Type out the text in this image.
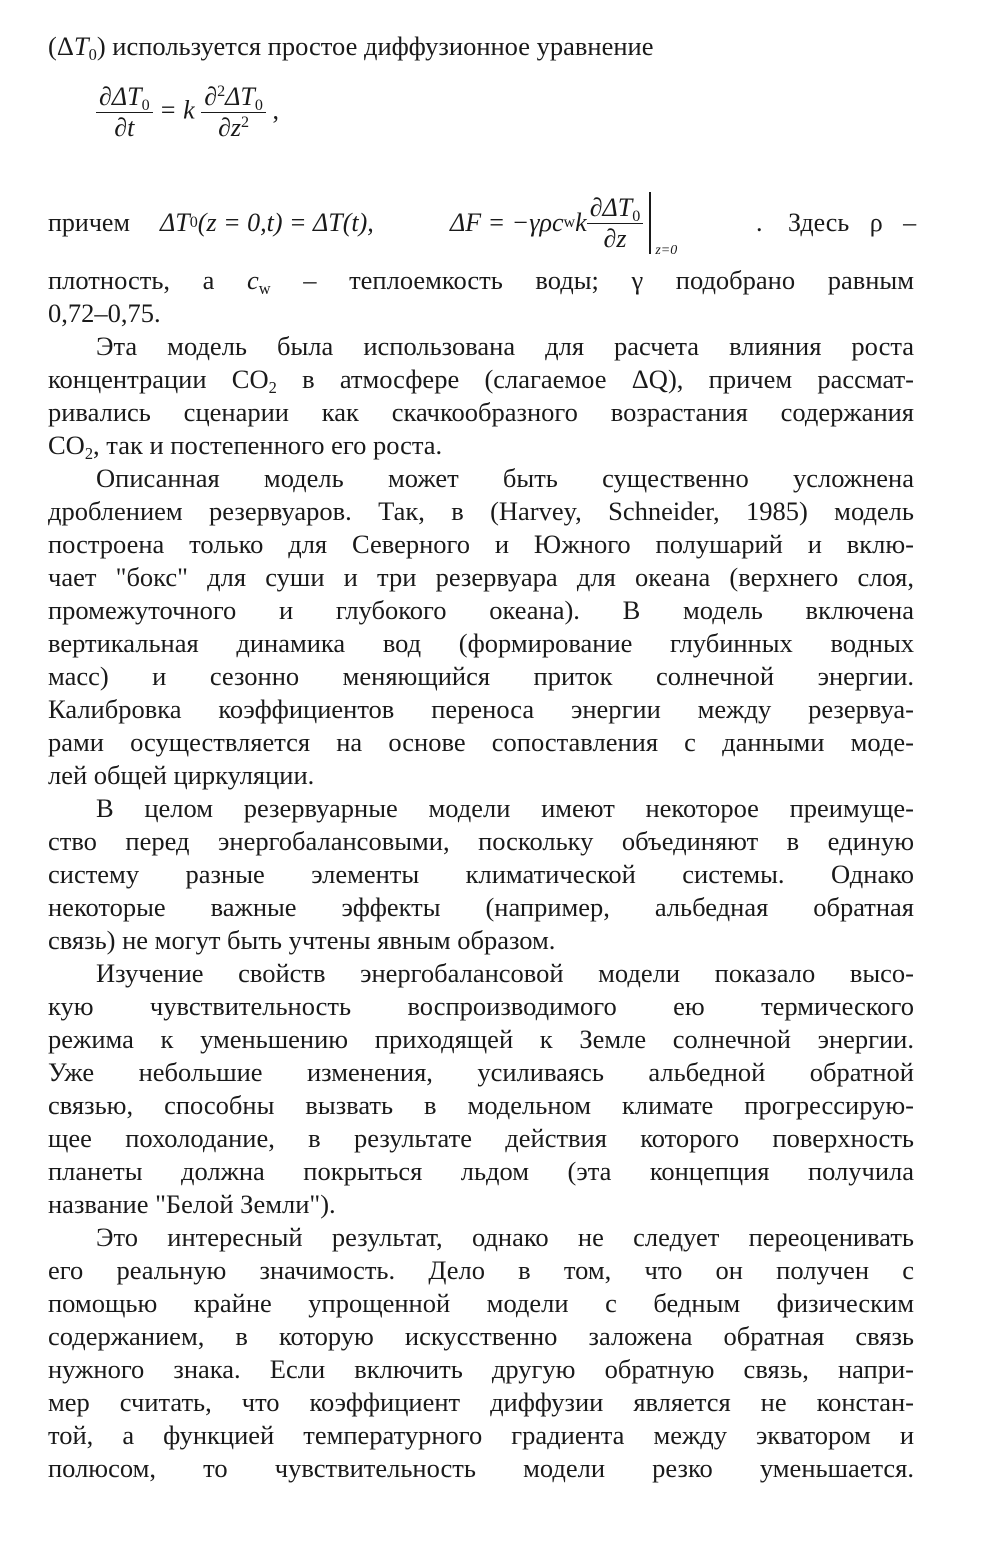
$(\Delta T_0)$ используется простое диффузионное уравнение
$\frac{\partial\Delta T_0}{\partial t} = k \frac{\partial^2\Delta T_0}{\partial z^2}$ ,
причем ΔT 0 (z = 0,t) = ΔT(t),	ΔF = −γρc w k $\frac{\partial\Delta T_0}{\partial z} z=0$
. Здесь ρ –
плотность, а $c_w$ – теплоемкость воды; γ подобрано равным
0,72–0,75.
Эта модель была использована для расчета влияния роста
концентрации $CO_2$ в атмосфере (слагаемое ΔQ), причем рассмат-
ривались сценарии как скачкообразного возрастания содержания
$CO_2$, так и постепенного его роста.
Описанная модель может быть существенно усложнена
дроблением резервуаров. Так, в (Harvey, Schneider, 1985) модель
построена только для Северного и Южного полушарий и вклю-
чает "бокс" для суши и три резервуара для океана (верхнего слоя,
промежуточного и глубокого океана). В модель включена
вертикальная динамика вод (формирование глубинных водных
масс) и сезонно меняющийся приток солнечной энергии.
Калибровка коэффициентов переноса энергии между резервуа-
рами осуществляется на основе сопоставления с данными моде-
лей общей циркуляции.
В целом резервуарные модели имеют некоторое преимуще-
ство перед энергобалансовыми, поскольку объединяют в единую
систему разные элементы климатической системы. Однако
некоторые важные эффекты (например, альбедная обратная
связь) не могут быть учтены явным образом.
Изучение свойств энергобалансовой модели показало высо-
кую чувствительность воспроизводимого ею термического
режима к уменьшению приходящей к Земле солнечной энергии.
Уже небольшие изменения, усиливаясь альбедной обратной
связью, способны вызвать в модельном климате прогрессирую-
щее похолодание, в результате действия которого поверхность
планеты должна покрыться льдом (эта концепция получила
название "Белой Земли").
Это интересный результат, однако не следует переоценивать
его реальную значимость. Дело в том, что он получен с
помощью крайне упрощенной модели с бедным физическим
содержанием, в которую искусственно заложена обратная связь
нужного знака. Если включить другую обратную связь, напри-
мер считать, что коэффициент диффузии является не констан-
той, а функцией температурного градиента между экватором и
полюсом, то чувствительность модели резко уменьшается.
